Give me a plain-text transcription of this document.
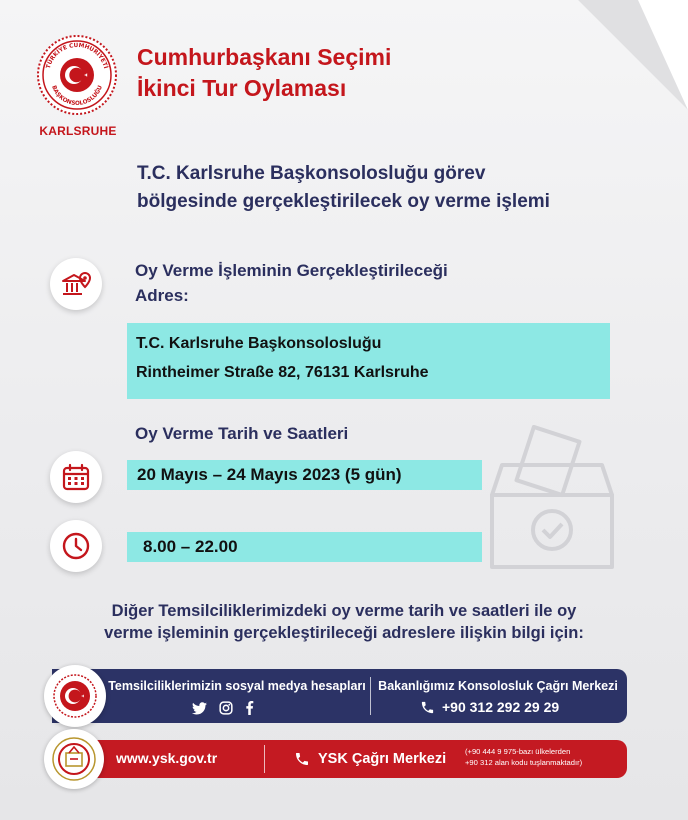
TÜRKİYE CUMHURİYETİ
BAŞKONSOLOSLUĞU
KARLSRUHE
Cumhurbaşkanı Seçimi
İkinci Tur Oylaması
T.C. Karlsruhe Başkonsolosluğu görev
bölgesinde gerçekleştirilecek oy verme işlemi
Oy Verme İşleminin Gerçekleştirileceği
Adres:
T.C. Karlsruhe Başkonsolosluğu
Rintheimer Straße 82, 76131 Karlsruhe
Oy Verme Tarih ve Saatleri
20 Mayıs – 24 Mayıs 2023 (5 gün)
8.00 – 22.00
Diğer Temsilciliklerimizdeki oy verme tarih ve saatleri ile oy
verme işleminin gerçekleştirileceği adreslere ilişkin bilgi için:
Temsilciliklerimizin sosyal medya hesapları Bakanlığımız Konsolosluk Çağrı Merkezi
+90 312 292 29 29
www.ysk.gov.tr	YSK Çağrı Merkezi (+90 444 9 975-bazı ülkelerden
+90 312 alan kodu tuşlanmaktadır)
